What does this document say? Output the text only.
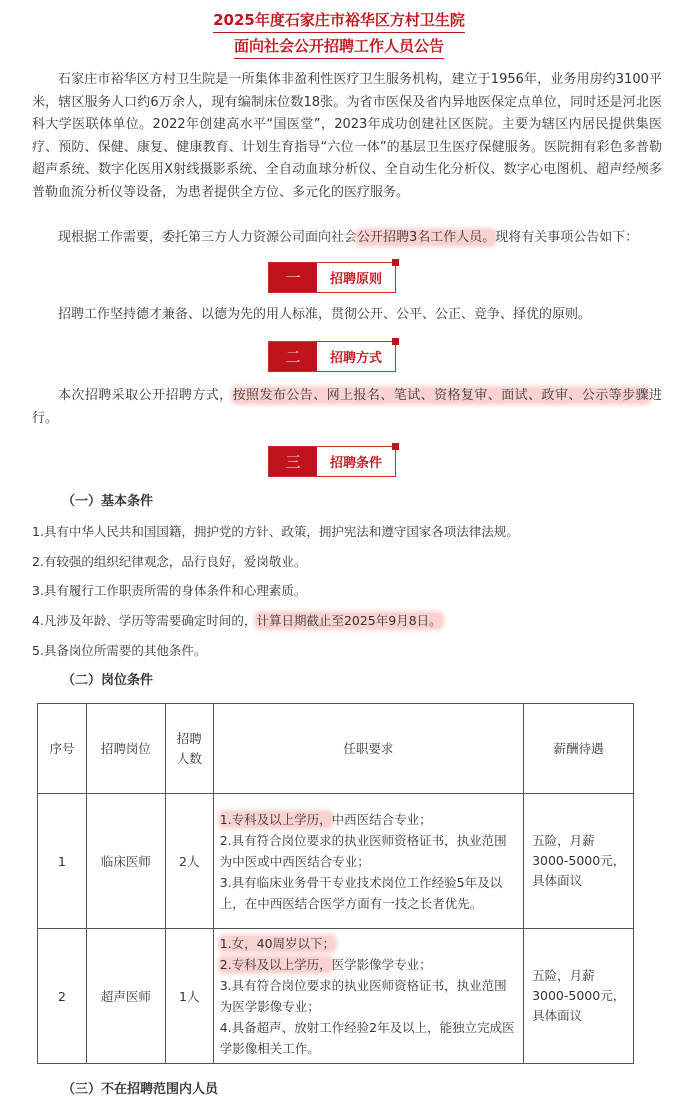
2025年度石家庄市裕华区方村卫生院
面向社会公开招聘工作人员公告

石家庄市裕华区方村卫生院是一所集体非盈利性医疗卫生服务机构，建立于1956年，业务用房约3100平米，辖区服务人口约6万余人，现有编制床位数18张。为省市医保及省内异地医保定点单位，同时还是河北医科大学医联体单位。2022年创建高水平“国医堂”，2023年成功创建社区医院。主要为辖区内居民提供集医疗、预防、保健、康复、健康教育、计划生育指导“六位一体”的基层卫生医疗保健服务。医院拥有彩色多普勒超声系统、数字化医用X射线摄影系统、全自动血球分析仪、全自动生化分析仪、数字心电图机、超声经颅多普勒血流分析仪等设备，为患者提供全方位、多元化的医疗服务。

现根据工作需要，委托第三方人力资源公司面向社会公开招聘3名工作人员。现将有关事项公告如下：

一	招聘原则

招聘工作坚持德才兼备、以德为先的用人标准，贯彻公开、公平、公正、竞争、择优的原则。

二	招聘方式

本次招聘采取公开招聘方式，按照发布公告、网上报名、笔试、资格复审、面试、政审、公示等步骤进行。

三	招聘条件
（一）基本条件
1.具有中华人民共和国国籍，拥护党的方针、政策，拥护宪法和遵守国家各项法律法规。
2.有较强的组织纪律观念，品行良好，爱岗敬业。
3.具有履行工作职责所需的身体条件和心理素质。
4.凡涉及年龄、学历等需要确定时间的，计算日期截止至2025年9月8日。
5.具备岗位所需要的其他条件。
（二）岗位条件
序号	招聘岗位	招聘人数	任职要求	薪酬待遇
1	临床医师	2人	1.专科及以上学历，中西医结合专业；
2.具有符合岗位要求的执业医师资格证书，执业范围为中医或中西医结合专业；
3.具有临床业务骨干专业技术岗位工作经验5年及以上，在中西医结合医学方面有一技之长者优先。	五险，月薪3000-5000元，具体面议
2	超声医师	1人	1.女，40周岁以下；
2.专科及以上学历，医学影像学专业；
3.具有符合岗位要求的执业医师资格证书，执业范围为医学影像专业；
4.具备超声、放射工作经验2年及以上，能独立完成医学影像相关工作。	五险，月薪3000-5000元，具体面议
（三）不在招聘范围内人员
